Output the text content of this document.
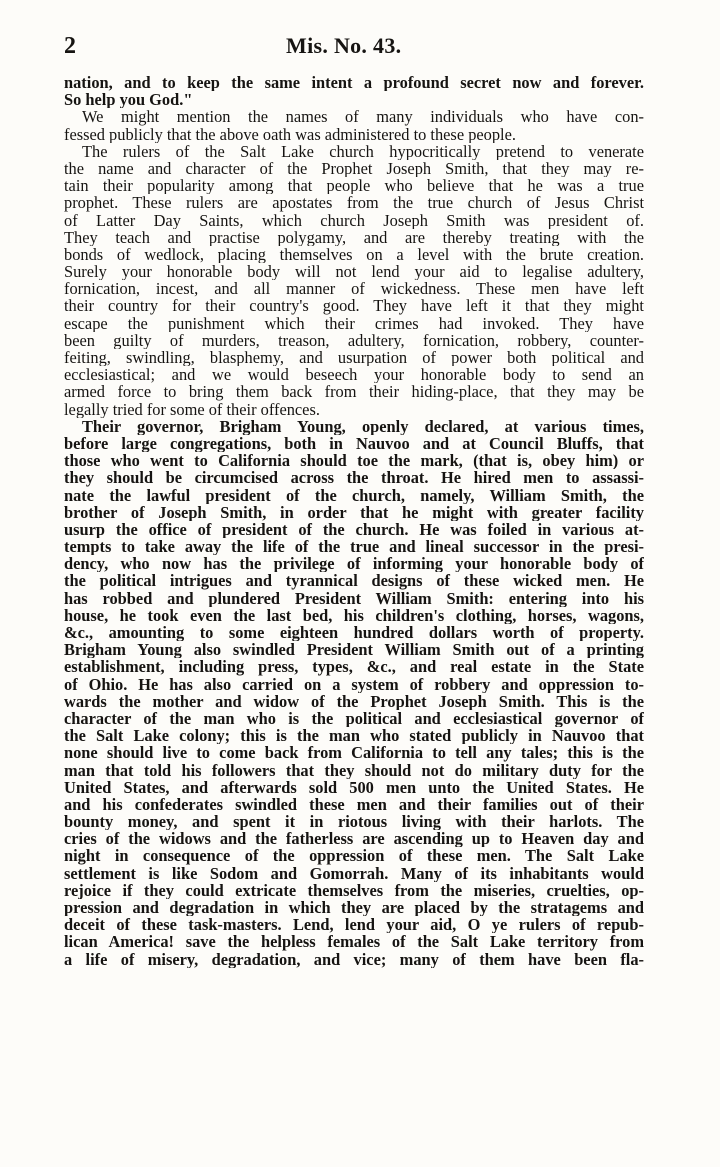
2	Mis. No. 43.
nation, and to keep the same intent a profound secret now and forever.
So help you God."
We might mention the names of many individuals who have con-
fessed publicly that the above oath was administered to these people.
The rulers of the Salt Lake church hypocritically pretend to venerate
the name and character of the Prophet Joseph Smith, that they may re-
tain their popularity among that people who believe that he was a true
prophet. These rulers are apostates from the true church of Jesus Christ
of Latter Day Saints, which church Joseph Smith was president of.
They teach and practise polygamy, and are thereby treating with the
bonds of wedlock, placing themselves on a level with the brute creation.
Surely your honorable body will not lend your aid to legalise adultery,
fornication, incest, and all manner of wickedness. These men have left
their country for their country's good. They have left it that they might
escape the punishment which their crimes had invoked. They have
been guilty of murders, treason, adultery, fornication, robbery, counter-
feiting, swindling, blasphemy, and usurpation of power both political and
ecclesiastical; and we would beseech your honorable body to send an
armed force to bring them back from their hiding-place, that they may be
legally tried for some of their offences.
Their governor, Brigham Young, openly declared, at various times,
before large congregations, both in Nauvoo and at Council Bluffs, that
those who went to California should toe the mark, (that is, obey him) or
they should be circumcised across the throat. He hired men to assassi-
nate the lawful president of the church, namely, William Smith, the
brother of Joseph Smith, in order that he might with greater facility
usurp the office of president of the church. He was foiled in various at-
tempts to take away the life of the true and lineal successor in the presi-
dency, who now has the privilege of informing your honorable body of
the political intrigues and tyrannical designs of these wicked men. He
has robbed and plundered President William Smith: entering into his
house, he took even the last bed, his children's clothing, horses, wagons,
&c., amounting to some eighteen hundred dollars worth of property.
Brigham Young also swindled President William Smith out of a printing
establishment, including press, types, &c., and real estate in the State
of Ohio. He has also carried on a system of robbery and oppression to-
wards the mother and widow of the Prophet Joseph Smith. This is the
character of the man who is the political and ecclesiastical governor of
the Salt Lake colony; this is the man who stated publicly in Nauvoo that
none should live to come back from California to tell any tales; this is the
man that told his followers that they should not do military duty for the
United States, and afterwards sold 500 men unto the United States. He
and his confederates swindled these men and their families out of their
bounty money, and spent it in riotous living with their harlots. The
cries of the widows and the fatherless are ascending up to Heaven day and
night in consequence of the oppression of these men. The Salt Lake
settlement is like Sodom and Gomorrah. Many of its inhabitants would
rejoice if they could extricate themselves from the miseries, cruelties, op-
pression and degradation in which they are placed by the stratagems and
deceit of these task-masters. Lend, lend your aid, O ye rulers of repub-
lican America! save the helpless females of the Salt Lake territory from
a life of misery, degradation, and vice; many of them have been fla-
